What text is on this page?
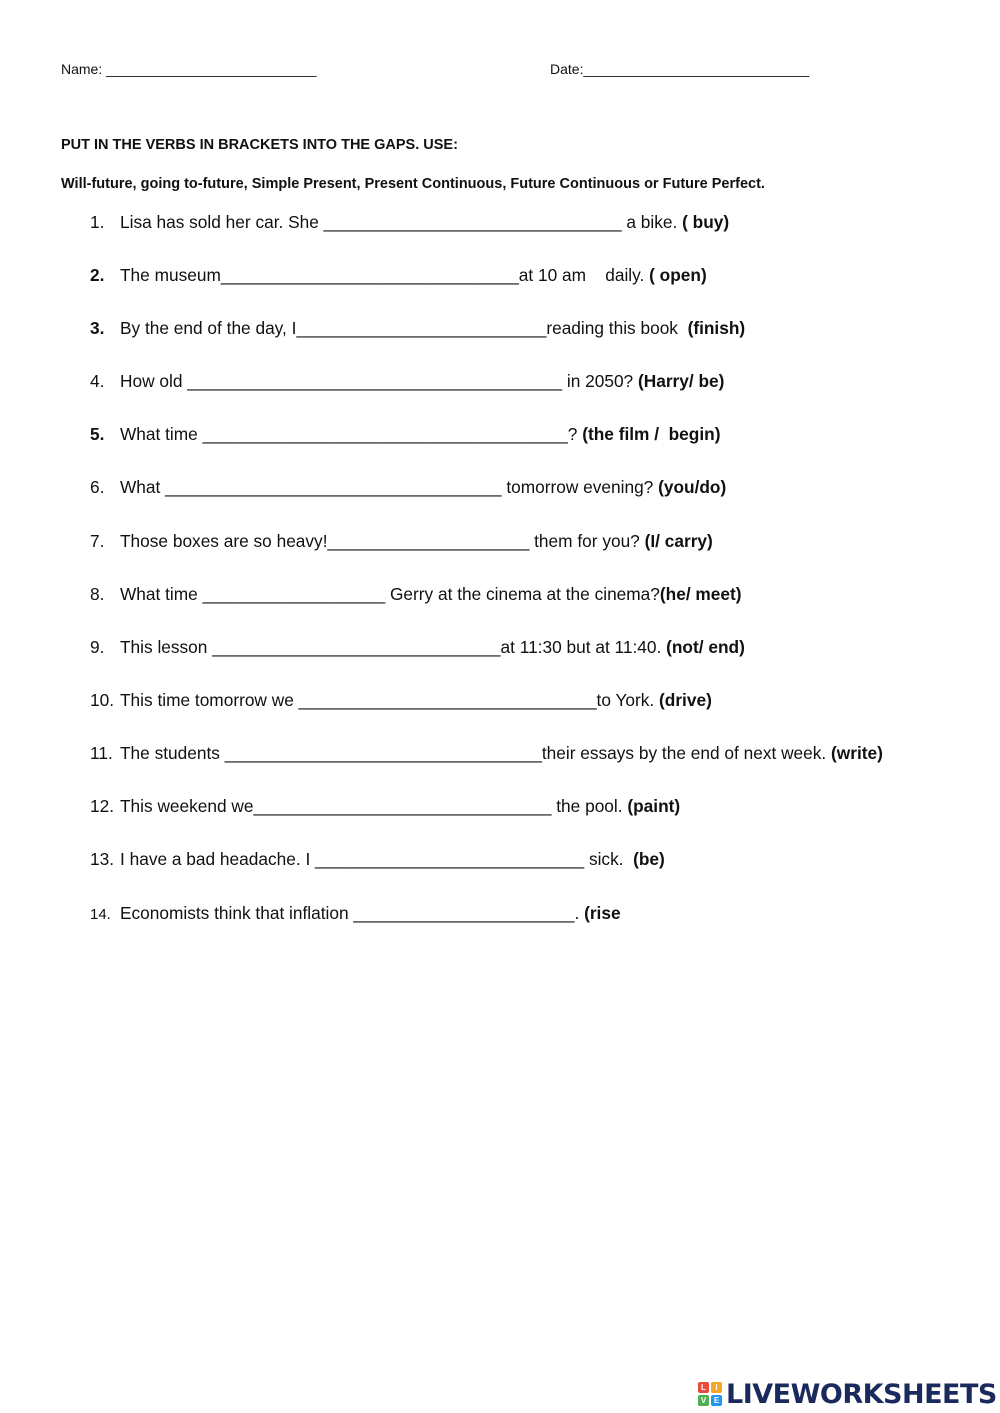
Name: ___________________________	Date:_____________________________
PUT IN THE VERBS IN BRACKETS INTO THE GAPS. USE:
Will-future, going to-future, Simple Present, Present Continuous, Future Continuous or Future Perfect.
1. Lisa has sold her car. She _______________________________ a bike. ( buy)
2. The museum_______________________________at 10 am    daily. ( open)
3. By the end of the day, I__________________________reading this book  (finish)
4. How old _______________________________________ in 2050? (Harry/ be)
5. What time ______________________________________? (the film /  begin)
6. What ___________________________________ tomorrow evening? (you/do)
7. Those boxes are so heavy!_____________________ them for you? (I/ carry)
8. What time ___________________ Gerry at the cinema at the cinema?(he/ meet)
9. This lesson ______________________________at 11:30 but at 11:40. (not/ end)
10. This time tomorrow we _______________________________to York. (drive)
11. The students _________________________________their essays by the end of next week. (write)
12. This weekend we_______________________________ the pool. (paint)
13. I have a bad headache. I ____________________________ sick.  (be)
14. Economists think that inflation _______________________. (rise
L	I
V E LIVEWORKSHEETS
